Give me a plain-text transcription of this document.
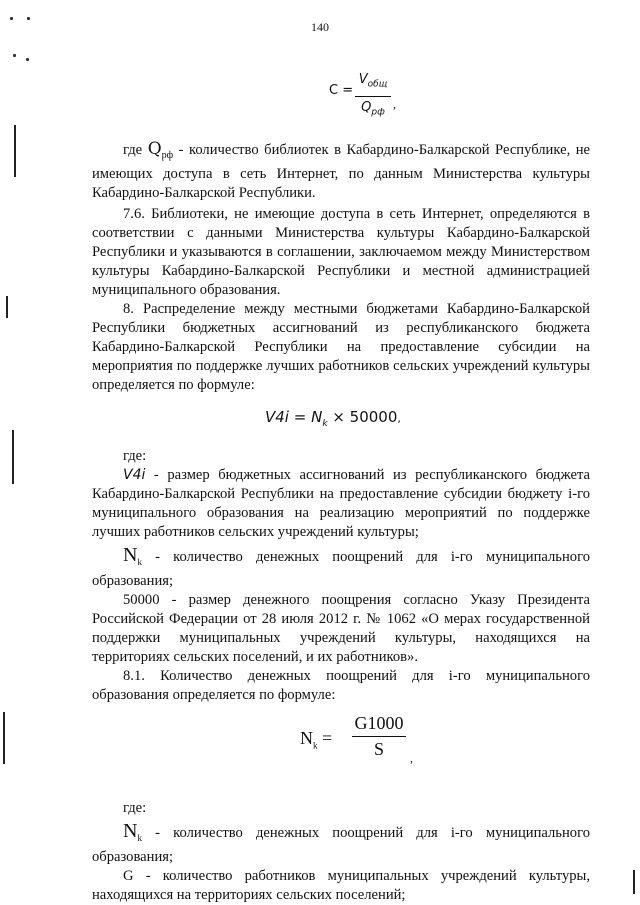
140
C =
$V_{общ}$
$Q_{рф}$
,

где $Q_{рф}$ - количество библиотек в Кабардино-Балкарской Республике, не имеющих доступа в сеть Интернет, по данным Министерства культуры Кабардино-Балкарской Республики.

7.6. Библиотеки, не имеющие доступа в сеть Интернет, определяются в соответствии с данными Министерства культуры Кабардино-Балкарской Республики и указываются в соглашении, заключаемом между Министерством культуры Кабардино-Балкарской Республики и местной администрацией муниципального образования.

8. Распределение между местными бюджетами Кабардино-Балкарской Республики бюджетных ассигнований из республиканского бюджета Кабардино-Балкарской Республики на предоставление субсидии на мероприятия по поддержке лучших работников сельских учреждений культуры определяется по формуле:

$V4i = N_k \times 50000$,

где:

V4i - размер бюджетных ассигнований из республиканского бюджета Кабардино-Балкарской Республики на предоставление субсидии бюджету i-го муниципального образования на реализацию мероприятий по поддержке лучших работников сельских учреждений культуры;

$N_k$ - количество денежных поощрений для i-го муниципального образования;

50000 - размер денежного поощрения согласно Указу Президента Российской Федерации от 28 июля 2012 г. № 1062 «О мерах государственной поддержки муниципальных учреждений культуры, находящихся на территориях сельских поселений, и их работников».

8.1. Количество денежных поощрений для i-го муниципального образования определяется по формуле:

$N_k = \frac{G1000}{S}$ ,

где:

$N_k$ - количество денежных поощрений для i-го муниципального образования;

G - количество работников муниципальных учреждений культуры, находящихся на территориях сельских поселений;
